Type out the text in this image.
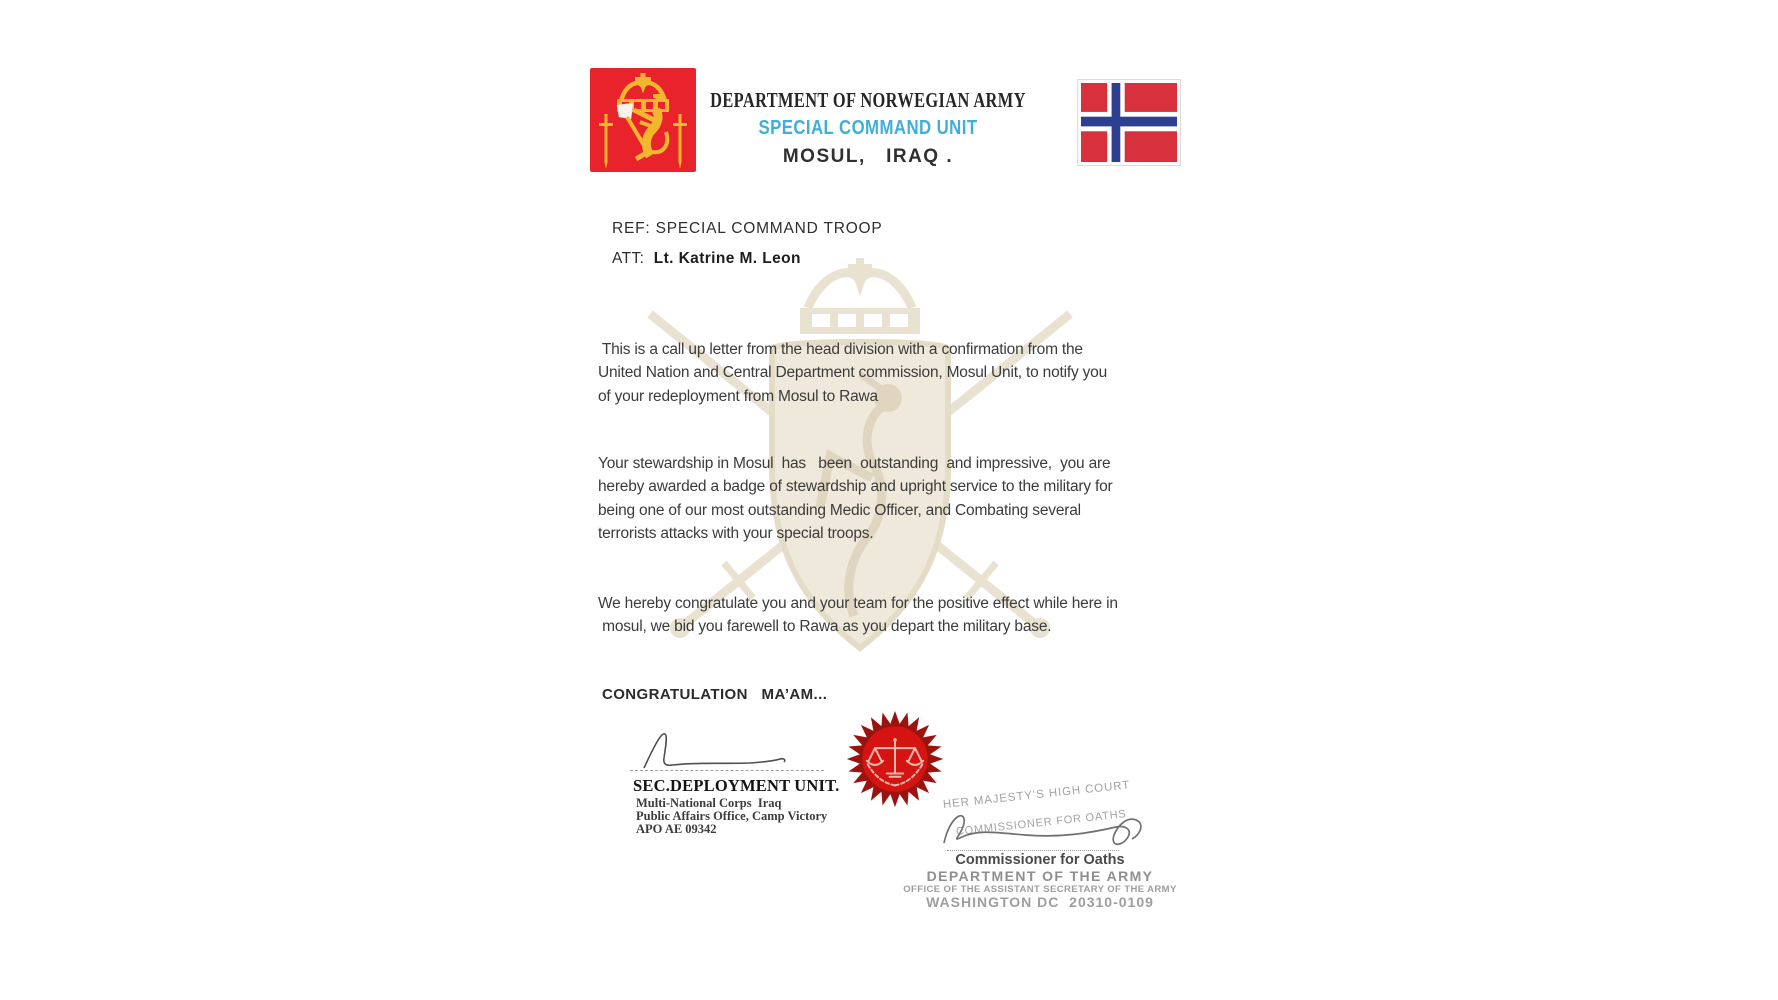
DEPARTMENT OF NORWEGIAN ARMY
SPECIAL COMMAND UNIT
MOSUL,   IRAQ .
REF: SPECIAL COMMAND TROOP
ATT:  Lt. Katrine M. Leon
This is a call up letter from the head division with a confirmation from the
United Nation and Central Department commission, Mosul Unit, to notify you
of your redeployment from Mosul to Rawa
Your stewardship in Mosul  has   been  outstanding  and impressive,  you are
hereby awarded a badge of stewardship and upright service to the military for
being one of our most outstanding Medic Officer, and Combating several
terrorists attacks with your special troops.
We hereby congratulate you and your team for the positive effect while here in
mosul, we bid you farewell to Rawa as you depart the military base.
CONGRATULATION   MA’AM...
SEC.DEPLOYMENT UNIT.
Multi-National Corps  Iraq
Public Affairs Office, Camp Victory
APO AE 09342
HER MAJESTY’S HIGH COURT
COMMISSIONER FOR OATHS
Commissioner for Oaths
DEPARTMENT OF THE ARMY
OFFICE OF THE ASSISTANT SECRETARY OF THE ARMY
WASHINGTON DC  20310-0109
